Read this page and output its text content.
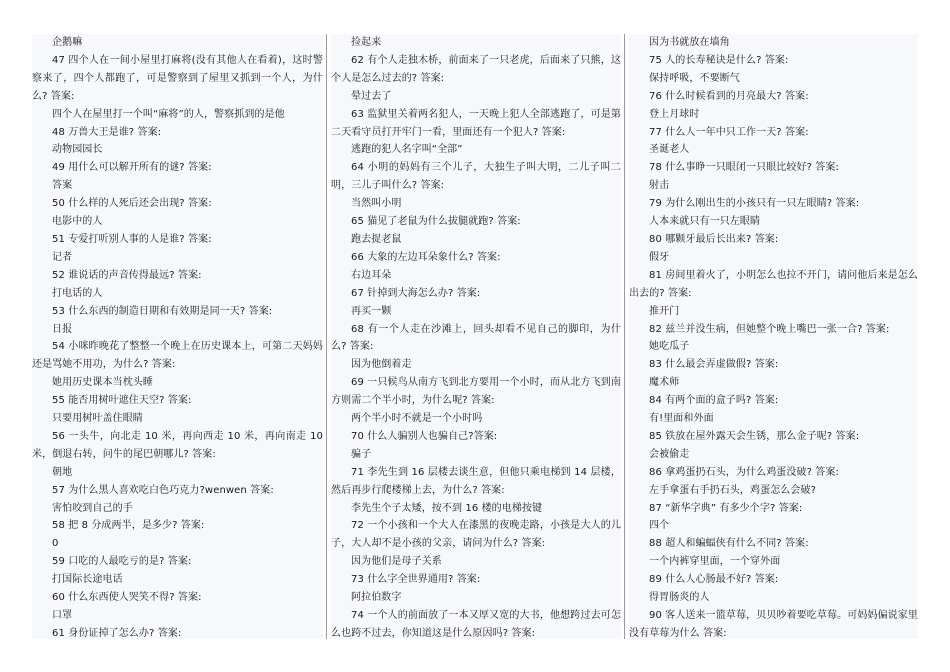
企鹅嘛

47 四个人在一间小屋里打麻将(没有其他人在看着)，这时警察来了，四个人都跑了，可是警察到了屋里又抓到一个人，为什么? 答案:

四个人在屋里打一个叫“麻将”的人，警察抓到的是他

48 万兽大王是谁? 答案:

动物园园长

49 用什么可以解开所有的谜? 答案:

答案

50 什么样的人死后还会出现? 答案:

电影中的人

51 专爱打听别人事的人是谁? 答案:

记者

52 谁说话的声音传得最远? 答案:

打电话的人

53 什么东西的制造日期和有效期是同一天? 答案:

日报

54 小咪昨晚花了整整一个晚上在历史课本上，可第二天妈妈还是骂她不用功，为什么? 答案:

她用历史课本当枕头睡

55 能否用树叶遮住天空? 答案:

只要用树叶盖住眼睛

56 一头牛，向北走 10 米，再向西走 10 米，再向南走 10 米，倒退右转，问牛的尾巴朝哪儿? 答案:

朝地

57 为什么黑人喜欢吃白色巧克力?wenwen 答案:

害怕咬到自己的手

58 把 8 分成两半，是多少? 答案:

0

59 口吃的人最吃亏的是? 答案:

打国际长途电话

60 什么东西使人哭笑不得? 答案:

口罩

61 身份证掉了怎么办? 答案:

捡起来

62 有个人走独木桥，前面来了一只老虎，后面来了只熊，这个人是怎么过去的? 答案:

晕过去了

63 监狱里关着两名犯人，一天晚上犯人全部逃跑了，可是第二天看守员打开牢门一看，里面还有一个犯人? 答案:

逃跑的犯人名字叫“全部”

64 小明的妈妈有三个儿子，大独生子叫大明，二儿子叫二明，三儿子叫什么? 答案:

当然叫小明

65 猫见了老鼠为什么拔腿就跑? 答案:

跑去捉老鼠

66 大象的左边耳朵象什么? 答案:

右边耳朵

67 针掉到大海怎么办? 答案:

再买一颗

68 有一个人走在沙滩上，回头却看不见自己的脚印，为什么? 答案:

因为他倒着走

69 一只候鸟从南方飞到北方要用一个小时，而从北方飞到南方则需二个半小时，为什么呢? 答案:

两个半小时不就是一个小时吗

70 什么人骗别人也骗自己?答案:

骗子

71 李先生到 16 层楼去谈生意，但他只乘电梯到 14 层楼，然后再步行爬楼梯上去，为什么? 答案:

李先生个子太矮，按不到 16 楼的电梯按键

72 一个小孩和一个大人在漆黑的夜晚走路，小孩是大人的儿子，大人却不是小孩的父亲，请问为什么? 答案:

因为他们是母子关系

73 什么字全世界通用? 答案:

阿拉伯数字

74 一个人的前面放了一本又厚又宽的大书，他想跨过去可怎么也跨不过去，你知道这是什么原因吗? 答案:

因为书就放在墙角

75 人的长寿秘诀是什么? 答案:

保持呼吸，不要断气

76 什么时候看到的月亮最大? 答案:

登上月球时

77 什么人一年中只工作一天? 答案:

圣诞老人

78 什么事睁一只眼闭一只眼比较好? 答案:

射击

79 为什么刚出生的小孩只有一只左眼睛? 答案:

人本来就只有一只左眼睛

80 哪颗牙最后长出来? 答案:

假牙

81 房间里着火了，小明怎么也拉不开门，请问他后来是怎么出去的? 答案:

推开门

82 兹兰并没生病，但她整个晚上嘴巴一张一合? 答案:

她吃瓜子

83 什么最会弄虚做假? 答案:

魔术师

84 有两个面的盒子吗? 答案:

有!里面和外面

85 铁放在屋外露天会生锈，那么金子呢? 答案:

会被偷走

86 拿鸡蛋扔石头，为什么鸡蛋没破? 答案:

左手拿蛋右手扔石头，鸡蛋怎么会破?

87 “新华字典” 有多少个字? 答案:

四个

88 超人和蝙蝠侠有什么不同? 答案:

一个内裤穿里面，一个穿外面

89 什么人心肠最不好? 答案:

得胃肠炎的人

90 客人送来一篮草莓，贝贝吵着要吃草莓。可妈妈偏说家里没有草莓为什么 答案:
